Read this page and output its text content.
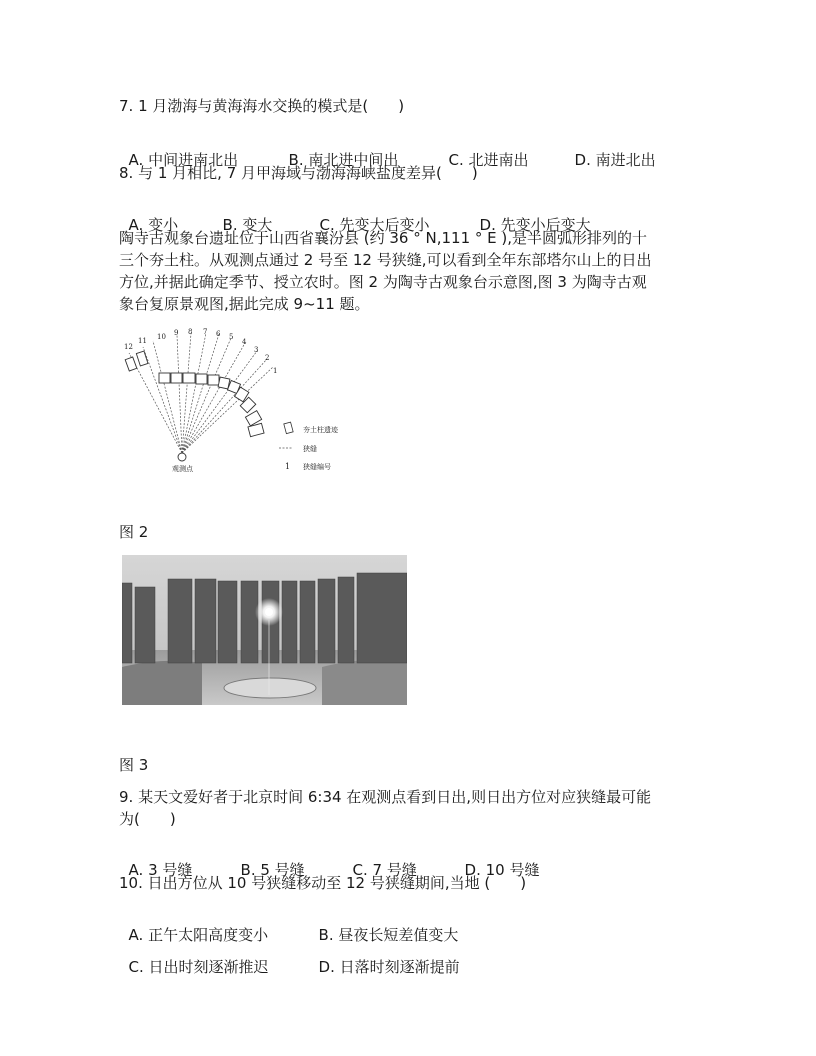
7. 1 月渤海与黄海海水交换的模式是(　　)

A. 中间进南北出	B. 南北进中间出	C. 北进南出	D. 南进北出

8. 与 1 月相比, 7 月甲海域与渤海海峡盐度差异(　　)

A. 变小	B. 变大	C. 先变大后变小	D. 先变小后变大

陶寺古观象台遗址位于山西省襄汾县 (约 36 ° N,111 ° E ),是半圆弧形排列的十
三个夯土柱。从观测点通过 2 号至 12 号狭缝,可以看到全年东部塔尔山上的日出
方位,并据此确定季节、授立农时。图 2 为陶寺古观象台示意图,图 3 为陶寺古观
象台复原景观图,据此完成 9~11 题。
1
2
3
4
5
6
7
8
9
10
11
12
观测点
夯土柱遗迹
狭缝
1 狭缝编号
图 2
图 3
9. 某天文爱好者于北京时间 6:34 在观测点看到日出,则日出方位对应狭缝最可能
为(　　)

A. 3 号缝	B. 5 号缝	C. 7 号缝	D. 10 号缝

10. 日出方位从 10 号狭缝移动至 12 号狭缝期间,当地 (　　)

A. 正午太阳高度变小	B. 昼夜长短差值变大

C. 日出时刻逐渐推迟	D. 日落时刻逐渐提前
